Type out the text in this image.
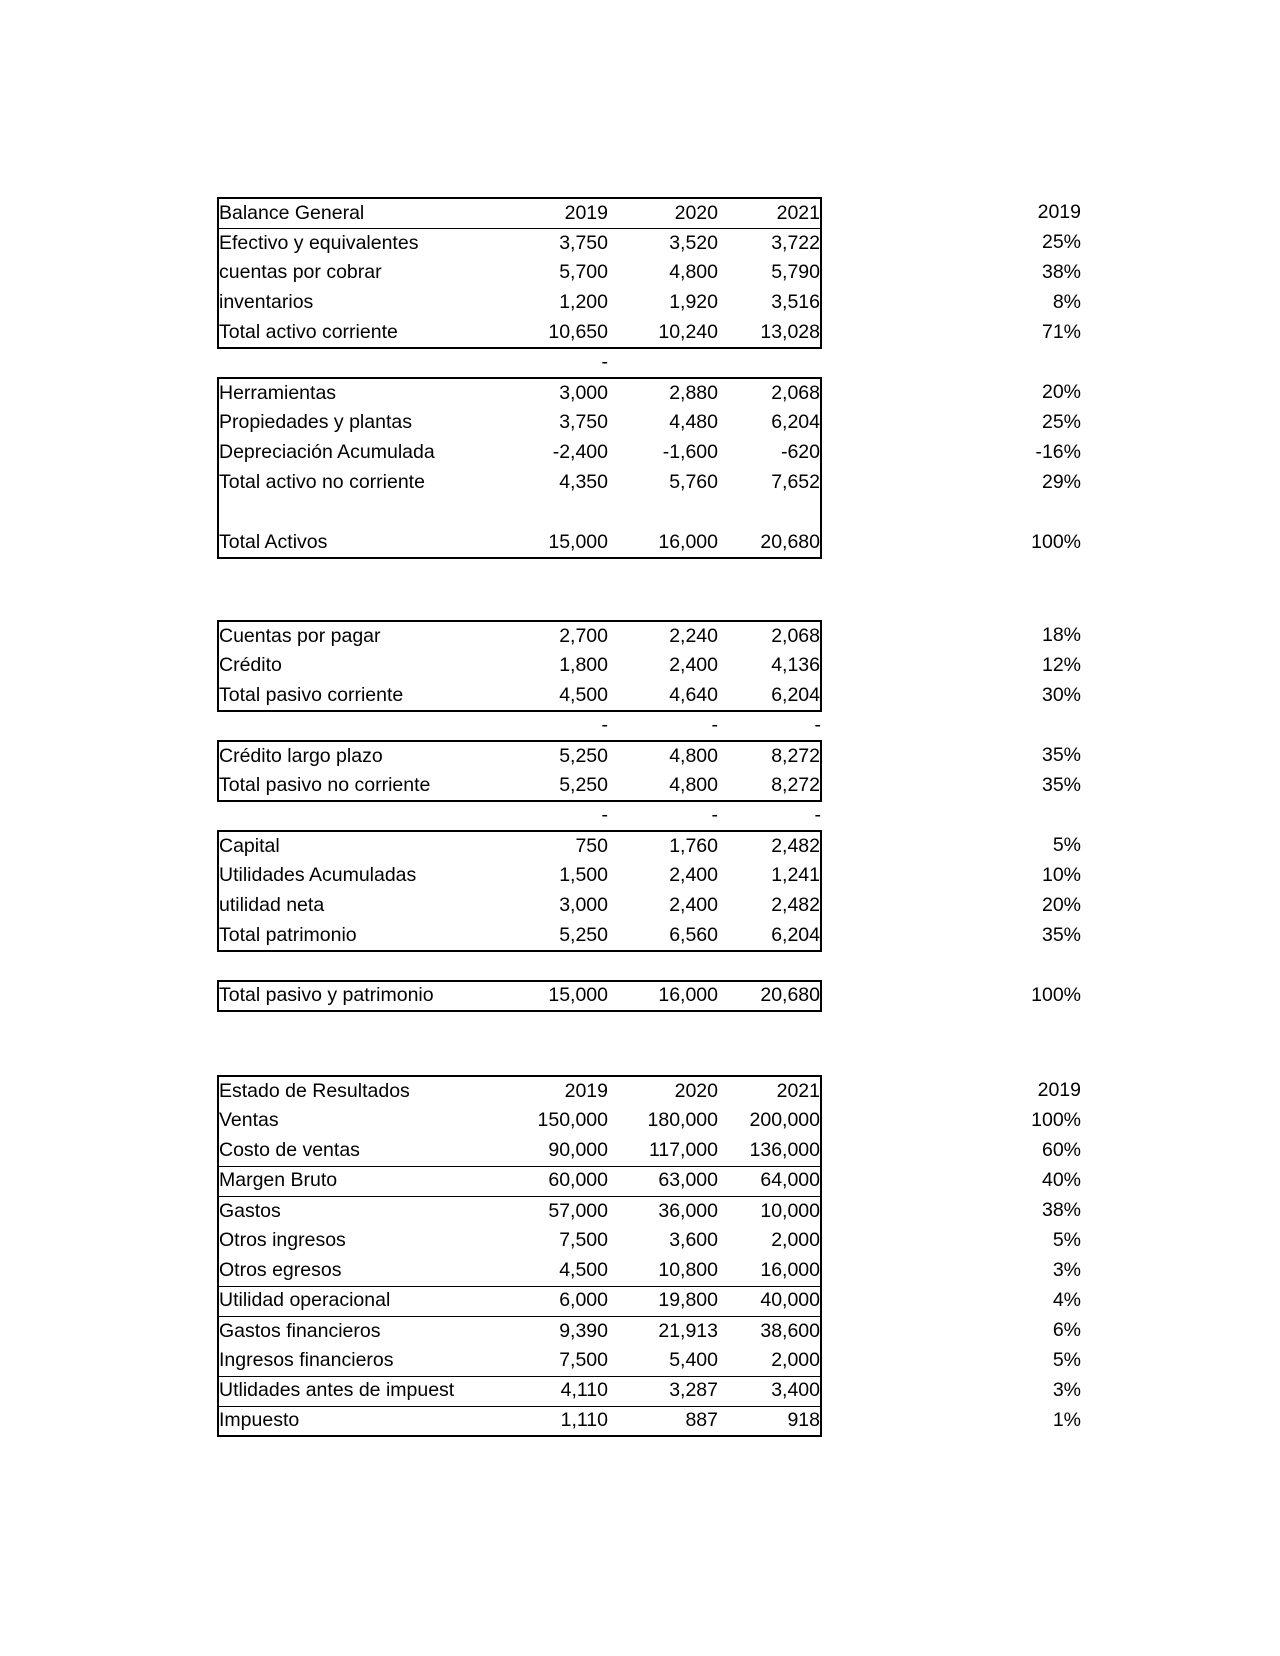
Balance General	2019	2020	2021		2019
Efectivo y equivalentes	3,750	3,520	3,722		25%
cuentas por cobrar	5,700	4,800	5,790		38%
inventarios	1,200	1,920	3,516		8%
Total activo corriente	10,650	10,240	13,028		71%
	-				
Herramientas	3,000	2,880	2,068		20%
Propiedades y plantas	3,750	4,480	6,204		25%
Depreciación Acumulada	-2,400	-1,600	-620		-16%
Total activo no corriente	4,350	5,760	7,652		29%

Total Activos	15,000	16,000	20,680		100%
Cuentas por pagar	2,700	2,240	2,068		18%
Crédito	1,800	2,400	4,136		12%
Total pasivo corriente	4,500	4,640	6,204		30%
	-	-	-		
Crédito largo plazo	5,250	4,800	8,272		35%
Total pasivo no corriente	5,250	4,800	8,272		35%
	-	-	-		
Capital	750	1,760	2,482		5%
Utilidades Acumuladas	1,500	2,400	1,241		10%
utilidad neta	3,000	2,400	2,482		20%
Total patrimonio	5,250	6,560	6,204		35%

Total pasivo y patrimonio	15,000	16,000	20,680		100%
Estado de Resultados	2019	2020	2021		2019
Ventas	150,000	180,000	200,000		100%
Costo de ventas	90,000	117,000	136,000		60%
Margen Bruto	60,000	63,000	64,000		40%
Gastos	57,000	36,000	10,000		38%
Otros ingresos	7,500	3,600	2,000		5%
Otros egresos	4,500	10,800	16,000		3%
Utilidad operacional	6,000	19,800	40,000		4%
Gastos financieros	9,390	21,913	38,600		6%
Ingresos financieros	7,500	5,400	2,000		5%
Utlidades antes de impuest	4,110	3,287	3,400		3%
Impuesto	1,110	887	918		1%
